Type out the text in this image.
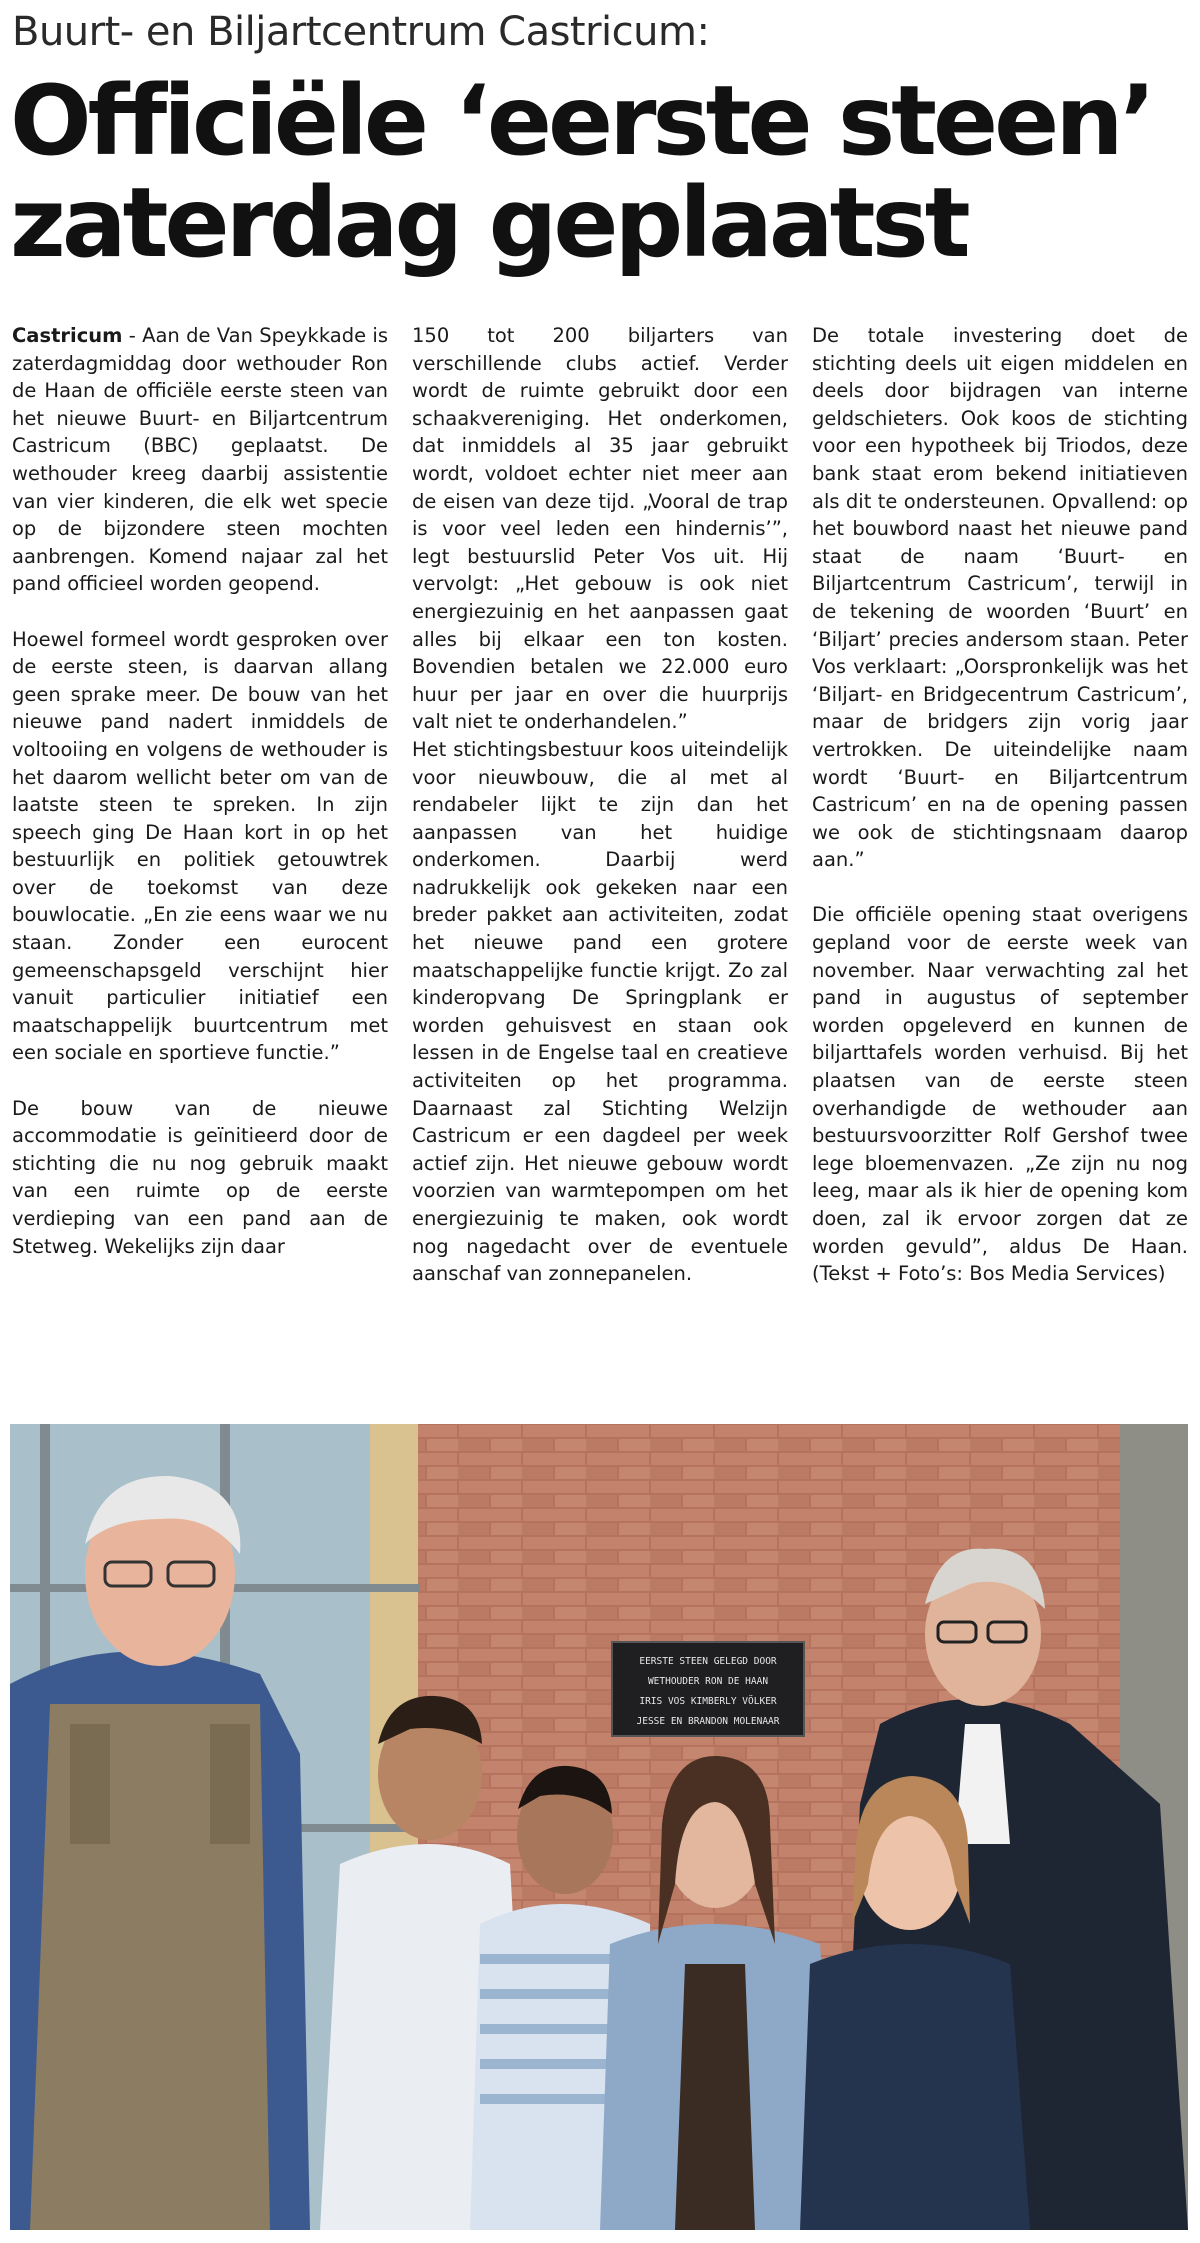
Buurt- en Biljartcentrum Castricum:
Officiële ‘eerste steen’
zaterdag geplaatst

Castricum - Aan de Van Speykkade is zaterdagmiddag door wethouder Ron de Haan de officiële eerste steen van het nieuwe Buurt- en Biljartcentrum Castricum (BBC) geplaatst. De wethouder kreeg daarbij assistentie van vier kinderen, die elk wet specie op de bijzondere steen mochten aanbrengen. Komend najaar zal het pand officieel worden geopend.

Hoewel formeel wordt gesproken over de eerste steen, is daarvan allang geen sprake meer. De bouw van het nieuwe pand nadert inmiddels de voltooiing en volgens de wethouder is het daarom wellicht beter om van de laatste steen te spreken. In zijn speech ging De Haan kort in op het bestuurlijk en politiek getouwtrek over de toekomst van deze bouwlocatie. „En zie eens waar we nu staan. Zonder een eurocent gemeenschapsgeld verschijnt hier vanuit particulier initiatief een maatschappelijk buurtcentrum met een sociale en sportieve functie.”

De bouw van de nieuwe accommodatie is geïnitieerd door de stichting die nu nog gebruik maakt van een ruimte op de eerste verdieping van een pand aan de Stetweg. Wekelijks zijn daar

150 tot 200 biljarters van verschillende clubs actief. Verder wordt de ruimte gebruikt door een schaakvereniging. Het onderkomen, dat inmiddels al 35 jaar gebruikt wordt, voldoet echter niet meer aan de eisen van deze tijd. „Vooral de trap is voor veel leden een hindernis’”, legt bestuurslid Peter Vos uit. Hij vervolgt: „Het gebouw is ook niet energiezuinig en het aanpassen gaat alles bij elkaar een ton kosten. Bovendien betalen we 22.000 euro huur per jaar en over die huurprijs valt niet te onderhandelen.”

Het stichtingsbestuur koos uiteindelijk voor nieuwbouw, die al met al rendabeler lijkt te zijn dan het aanpassen van het huidige onderkomen. Daarbij werd nadrukkelijk ook gekeken naar een breder pakket aan activiteiten, zodat het nieuwe pand een grotere maatschappelijke functie krijgt. Zo zal kinderopvang De Springplank er worden gehuisvest en staan ook lessen in de Engelse taal en creatieve activiteiten op het programma. Daarnaast zal Stichting Welzijn Castricum er een dagdeel per week actief zijn. Het nieuwe gebouw wordt voorzien van warmtepompen om het energiezuinig te maken, ook wordt nog nagedacht over de eventuele aanschaf van zonnepanelen.

De totale investering doet de stichting deels uit eigen middelen en deels door bijdragen van interne geldschieters. Ook koos de stichting voor een hypotheek bij Triodos, deze bank staat erom bekend initiatieven als dit te ondersteunen. Opvallend: op het bouwbord naast het nieuwe pand staat de naam ‘Buurt- en Biljartcentrum Castricum’, terwijl in de tekening de woorden ‘Buurt’ en ‘Biljart’ precies andersom staan. Peter Vos verklaart: „Oorspronkelijk was het ‘Biljart- en Bridgecentrum Castricum’, maar de bridgers zijn vorig jaar vertrokken. De uiteindelijke naam wordt ‘Buurt- en Biljartcentrum Castricum’ en na de opening passen we ook de stichtingsnaam daarop aan.”

Die officiële opening staat overigens gepland voor de eerste week van november. Naar verwachting zal het pand in augustus of september worden opgeleverd en kunnen de biljarttafels worden verhuisd. Bij het plaatsen van de eerste steen overhandigde de wethouder aan bestuursvoorzitter Rolf Gershof twee lege bloemenvazen. „Ze zijn nu nog leeg, maar als ik hier de opening kom doen, zal ik ervoor zorgen dat ze worden gevuld”, aldus De Haan. (Tekst + Foto’s: Bos Media Services)

EERSTE STEEN GELEGD DOOR
WETHOUDER RON DE HAAN
IRIS VOS KIMBERLY VÖLKER
JESSE EN BRANDON MOLENAAR
